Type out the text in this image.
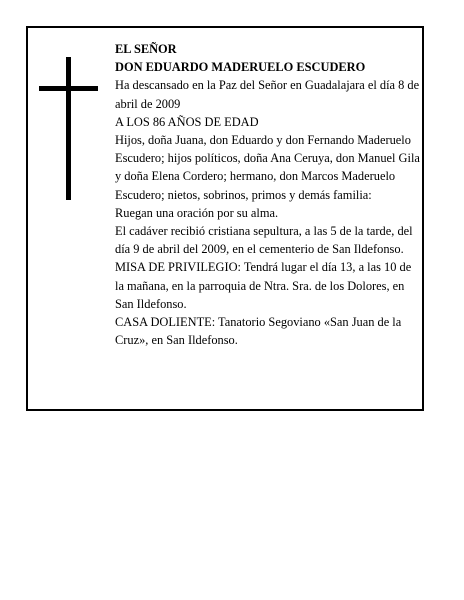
EL SEÑOR

DON EDUARDO MADERUELO ESCUDERO

Ha descansado en la Paz del Señor en Guadalajara el día 8 de abril de 2009

A LOS 86 AÑOS DE EDAD

Hijos, doña Juana, don Eduardo y don Fernando Maderuelo Escudero; hijos políticos, doña Ana Ceruya, don Manuel Gila y doña Elena Cordero; hermano, don Marcos Maderuelo Escudero; nietos, sobrinos, primos y demás familia:

Ruegan una oración por su alma.

El cadáver recibió cristiana sepultura, a las 5 de la tarde, del día 9 de abril del 2009, en el cementerio de San Ildefonso.

MISA DE PRIVILEGIO: Tendrá lugar el día 13, a las 10 de la mañana, en la parroquia de Ntra. Sra. de los Dolores, en San Ildefonso.

CASA DOLIENTE: Tanatorio Segoviano «San Juan de la Cruz», en San Ildefonso.
